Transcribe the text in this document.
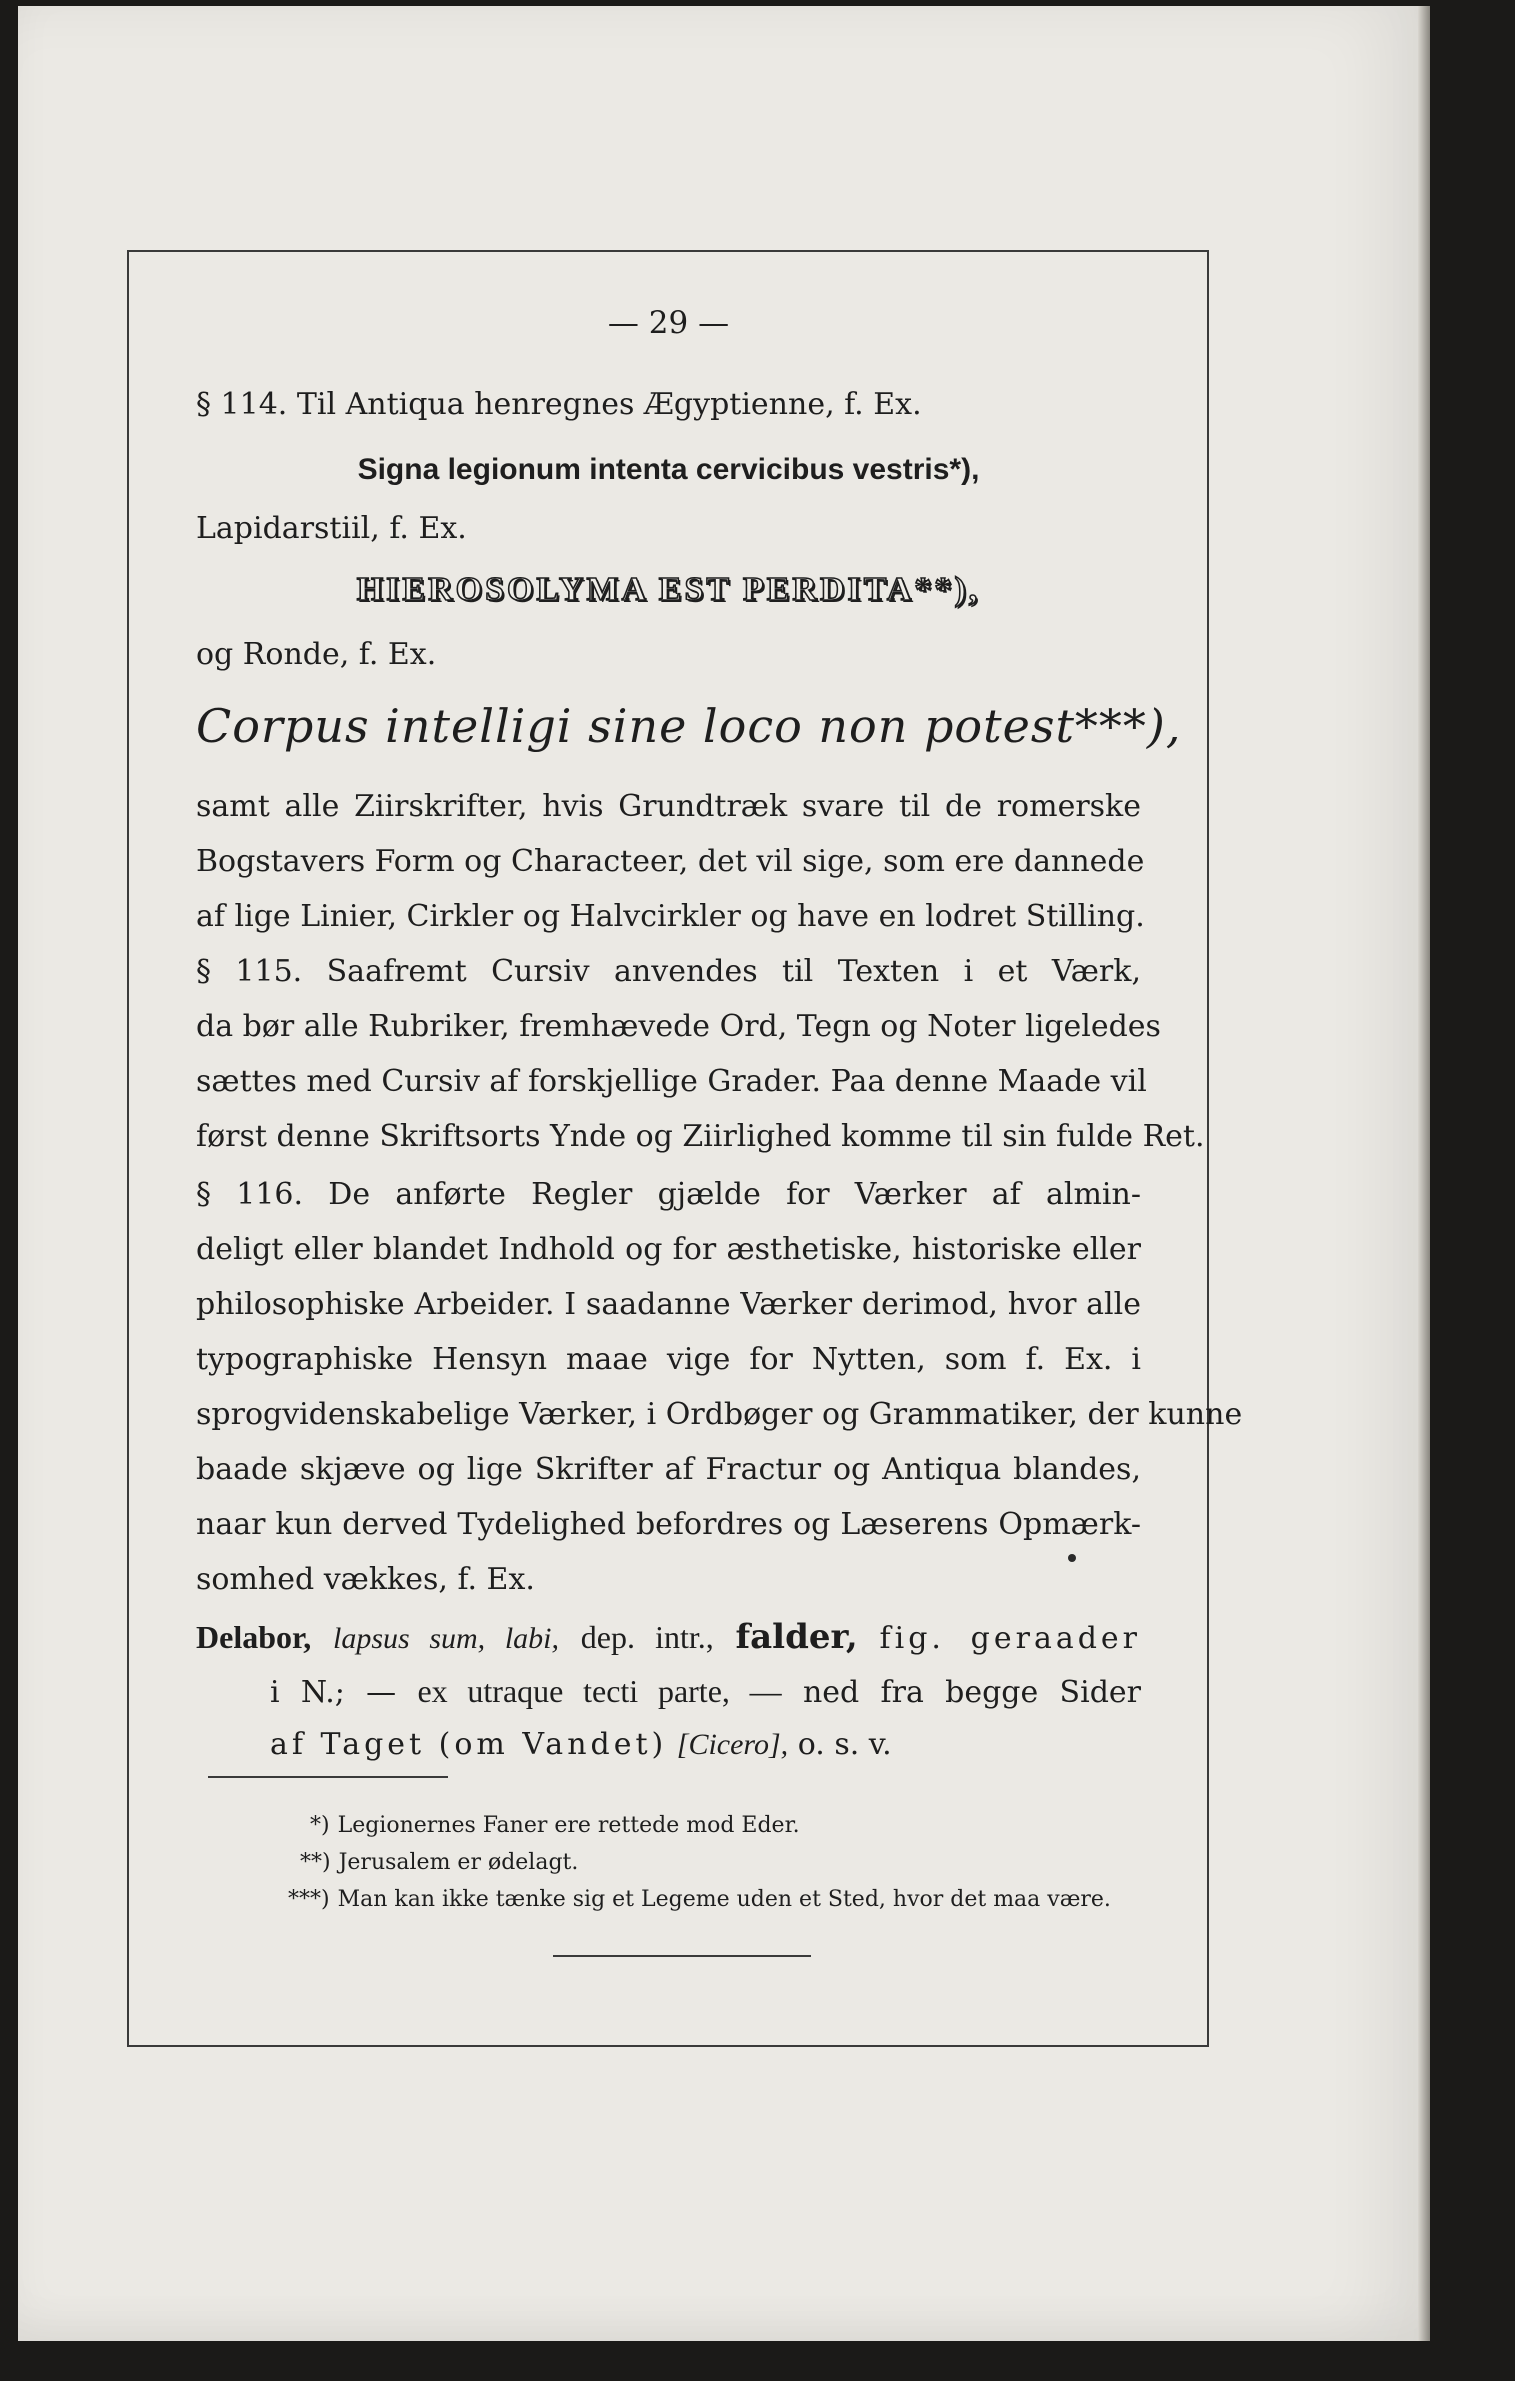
— 29 —

§ 114. Til Antiqua henregnes Ægyptienne, f. Ex.

Signa legionum intenta cervicibus vestris*),

Lapidarstiil, f. Ex.

HIEROSOLYMA EST PERDITA**),

og Ronde, f. Ex.

Corpus intelligi sine loco non potest***),

samt alle Ziirskrifter, hvis Grundtræk svare til de romerske

Bogstavers Form og Characteer, det vil sige, som ere dannede

af lige Linier, Cirkler og Halvcirkler og have en lodret Stilling.

§ 115. Saafremt Cursiv anvendes til Texten i et Værk,

da bør alle Rubriker, fremhævede Ord, Tegn og Noter ligeledes

sættes med Cursiv af forskjellige Grader. Paa denne Maade vil

først denne Skriftsorts Ynde og Ziirlighed komme til sin fulde Ret.

§ 116. De anførte Regler gjælde for Værker af almin-

deligt eller blandet Indhold og for æsthetiske, historiske eller

philosophiske Arbeider. I saadanne Værker derimod, hvor alle

typographiske Hensyn maae vige for Nytten, som f. Ex. i

sprogvidenskabelige Værker, i Ordbøger og Grammatiker, der kunne

baade skjæve og lige Skrifter af Fractur og Antiqua blandes,

naar kun derved Tydelighed befordres og Læserens Opmærk-

somhed vækkes, f. Ex.

Delabor, lapsus sum, labi, dep. intr., falder, fig. geraader

i N.; — ex utraque tecti parte, — ned fra begge Sider

af Taget (om Vandet) [Cicero], o. s. v.

*) Legionernes Faner ere rettede mod Eder.

**) Jerusalem er ødelagt.

***) Man kan ikke tænke sig et Legeme uden et Sted, hvor det maa være.
